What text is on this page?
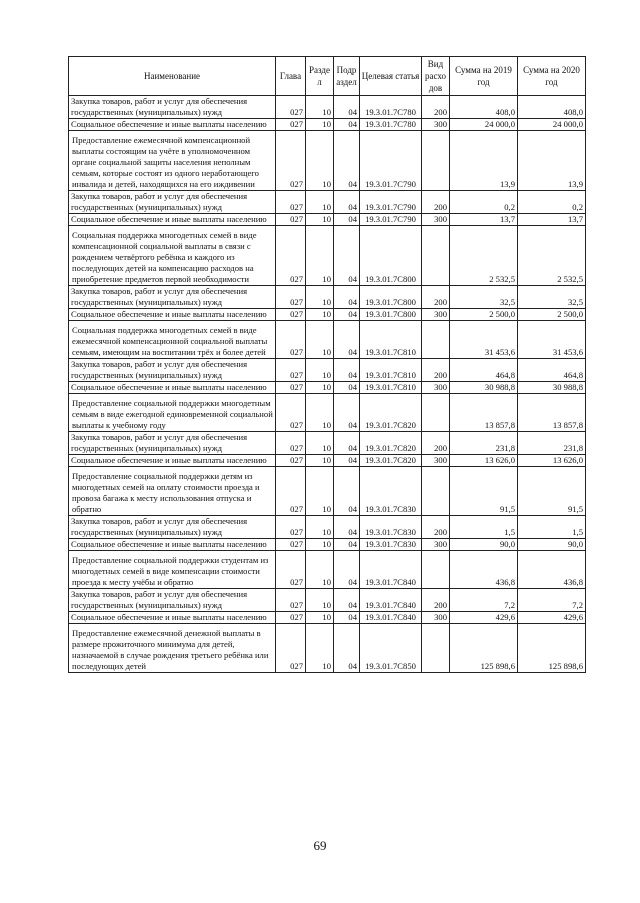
Наименование	Глава	Разде л	Подр аздел	Целевая статья	Вид расхо дов	Сумма на 2019 год	Сумма на 2020 год
Закупка товаров, работ и услуг для обеспечения государственных (муниципальных) нужд	027	10	04	19.3.01.7С780	200	408,0	408,0
Социальное обеспечение и иные выплаты населению	027	10	04	19.3.01.7С780	300	24 000,0	24 000,0
Предоставление ежемесячной компенсационной выплаты состоящим на учёте в уполномоченном органе социальной защиты населения неполным семьям, которые состоят из одного неработающего инвалида и детей, находящихся на его иждивении	027	10	04	19.3.01.7С790		13,9	13,9
Закупка товаров, работ и услуг для обеспечения государственных (муниципальных) нужд	027	10	04	19.3.01.7С790	200	0,2	0,2
Социальное обеспечение и иные выплаты населению	027	10	04	19.3.01.7С790	300	13,7	13,7
Социальная поддержка многодетных семей в виде компенсационной социальной выплаты в связи с рождением четвёртого ребёнка и каждого из последующих детей на компенсацию расходов на приобретение предметов первой необходимости	027	10	04	19.3.01.7С800		2 532,5	2 532,5
Закупка товаров, работ и услуг для обеспечения государственных (муниципальных) нужд	027	10	04	19.3.01.7С800	200	32,5	32,5
Социальное обеспечение и иные выплаты населению	027	10	04	19.3.01.7С800	300	2 500,0	2 500,0
Социальная поддержка многодетных семей в виде ежемесячной компенсационной социальной выплаты семьям, имеющим на воспитании трёх и более детей	027	10	04	19.3.01.7С810		31 453,6	31 453,6
Закупка товаров, работ и услуг для обеспечения государственных (муниципальных) нужд	027	10	04	19.3.01.7С810	200	464,8	464,8
Социальное обеспечение и иные выплаты населению	027	10	04	19.3.01.7С810	300	30 988,8	30 988,8
Предоставление социальной поддержки многодетным семьям в виде ежегодной единовременной социальной выплаты к учебному году	027	10	04	19.3.01.7С820		13 857,8	13 857,8
Закупка товаров, работ и услуг для обеспечения государственных (муниципальных) нужд	027	10	04	19.3.01.7С820	200	231,8	231,8
Социальное обеспечение и иные выплаты населению	027	10	04	19.3.01.7С820	300	13 626,0	13 626,0
Предоставление социальной поддержки детям из многодетных семей на оплату стоимости проезда и провоза багажа к месту использования отпуска и обратно	027	10	04	19.3.01.7С830		91,5	91,5
Закупка товаров, работ и услуг для обеспечения государственных (муниципальных) нужд	027	10	04	19.3.01.7С830	200	1,5	1,5
Социальное обеспечение и иные выплаты населению	027	10	04	19.3.01.7С830	300	90,0	90,0
Предоставление социальной поддержки студентам из многодетных семей в виде компенсации стоимости проезда к месту учёбы и обратно	027	10	04	19.3.01.7С840		436,8	436,8
Закупка товаров, работ и услуг для обеспечения государственных (муниципальных) нужд	027	10	04	19.3.01.7С840	200	7,2	7,2
Социальное обеспечение и иные выплаты населению	027	10	04	19.3.01.7С840	300	429,6	429,6
Предоставление ежемесячной денежной выплаты в размере прожиточного минимума для детей, назначаемой в случае рождения третьего ребёнка или последующих детей	027	10	04	19.3.01.7С850		125 898,6	125 898,6
69
